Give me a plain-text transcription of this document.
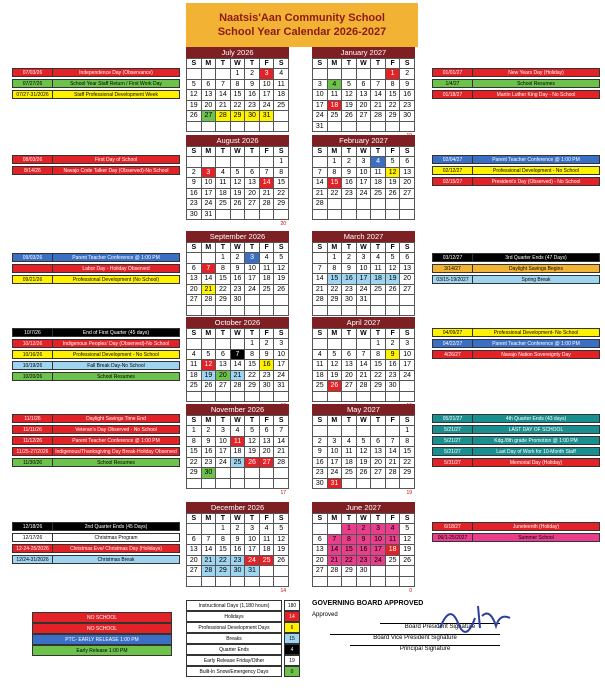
Naatsis'Aan Community School
School Year Calendar 2026-2027
July 2026
S	M	T	W	T	F	S
			1	2	3	4
5	6	7	8	9	10	11
12	13	14	15	16	17	18
19	20	21	22	23	24	25
26	27	28	29	30	31	

August 2026
S	M	T	W	T	F	S
						1
2	3	4	5	6	7	8
9	10	11	12	13	14	15
16	17	18	19	20	21	22
23	24	25	26	27	28	29
30	31					
20
September 2026
S	M	T	W	T	F	S
		1	2	3	4	5
6	7	8	9	10	11	12
13	14	15	16	17	18	19
20	21	22	23	24	25	26
27	28	29	30			

October 2026
S	M	T	W	T	F	S
				1	2	3
4	5	6	7	8	9	10
11	12	13	14	15	16	17
18	19	20	21	22	23	24
25	26	27	28	29	30	31

November 2026
S	M	T	W	T	F	S
1	2	3	4	5	6	7
8	9	10	11	12	13	14
15	16	17	18	19	20	21
22	23	24	25	26	27	28
29	30					

17
December 2026
S	M	T	W	T	F	S
		1	2	3	4	5
6	7	8	9	10	11	12
13	14	15	16	17	18	19
20	21	22	23	24	25	26
27	28	29	30	31		

14
January 2027
S	M	T	W	T	F	S
					1	2
3	4	5	6	7	8	9
10	11	12	13	14	15	16
17	18	19	20	21	22	23
24	25	26	27	28	29	30
31						
February 2027
S	M	T	W	T	F	S
	1	2	3	4	5	6
7	8	9	10	11	12	13
14	15	16	17	18	19	20
21	22	23	24	25	26	27
28						

March 2027
S	M	T	W	T	F	S
	1	2	3	4	5	6
7	8	9	10	11	12	13
14	15	16	17	18	19	20
21	22	23	24	25	26	27
28	29	30	31			

April 2027
S	M	T	W	T	F	S
				1	2	3
4	5	6	7	8	9	10
11	12	13	14	15	16	17
18	19	20	21	22	23	24
25	26	27	28	29	30	

May 2027
S	M	T	W	T	F	S
						1
2	3	4	5	6	7	8
9	10	11	12	13	14	15
16	17	18	19	20	21	22
23	24	25	26	27	28	29
30	31					
19
June 2027
S	M	T	W	T	F	S
		1	2	3	4	5
6	7	8	9	10	11	12
13	14	15	16	17	18	19
20	21	22	23	24	25	26
27	28	29	30			

0
07/03/26	Independence Day (Observance)
07/27/26	School Year Staff Return / First Work Day
07/27-31/2026	Staff Professional Development Week
08/03/26	First Day of School
8/14/26	Navajo Code Talker Day (Observed)-No School
09/03/26	Parent Teacher Conference @ 1:00 PM
Labor Day - Holiday Observed
09/21/26	Professional Development (No School)
10/7/26	End of First Quarter (45 days)
10/12/26	Indigenous Peoples' Day (Observed)-No School
10/16/26	Professional Development - No School
10/19/26	Fall Break Day-No School
10/20/26	School Resumes
11/1/26	Daylight Savings Time End
11/11/26	Veteran's Day Observed - No School
11/12/26	Parent Teacher Conference @ 1:00 PM
11/25-27/2026	Indigenous/Thanksgiving Day Break-Holiday Observed
11/30/26	School Resumes
12/18/26	2nd Quarter Ends (45 Days)
12/17/26	Christmas Program
12-24-25/2026	Christmas Eve/ Christmas Day (Holidays)
12/24-31/2026	Christmas Break
01/01/27	New Years Day (Holiday)
1/4/27	School Resumes
01/18/27	Martin Luther King Day - No School
02/04/27	Parent Teacher Conference @ 1:00 PM
02/12/27	Professional Development - No School
02/15/27	President's Day (Observed) - No School
03/12/27	3rd Quarter Ends (47 Days)
3/14/27	Daylight Savings Begins
03/15-19/2027	Spring Break
04/09/27	Professional Development- No School
04/22/27	Parent Teacher Conference @ 1:00 PM
4/26/27	Navajo Nation Sovereignty Day
05/21/27	4th Quarter Ends (43 days)
5/21/27	LAST DAY OF SCHOOL
5/21/27	Kdg./8th grade Promotion @ 1:00 PM
5/21/27	Last Day of Work for 10-Month Staff
5/31/27	Memorial Day (Holiday)
6/18/27	Juneteenth (Holiday)
06/1-25/2027	Summer School
NO SCHOOL
NO SCHOOL
PTC- EARLY RELEASE 1:00 PM
Early Release 1:00 PM
Instructional Days (1,180 hours)	180
Holidays	14
Professional Development Days	6
Breaks	15
Quarter Ends	4
Early Release Friday/Other	19
Built-In Snow/Emergency Days	0
GOVERNING BOARD APPROVED
Approved
Board President Signature
Board Vice President Signature
Principal Signature
